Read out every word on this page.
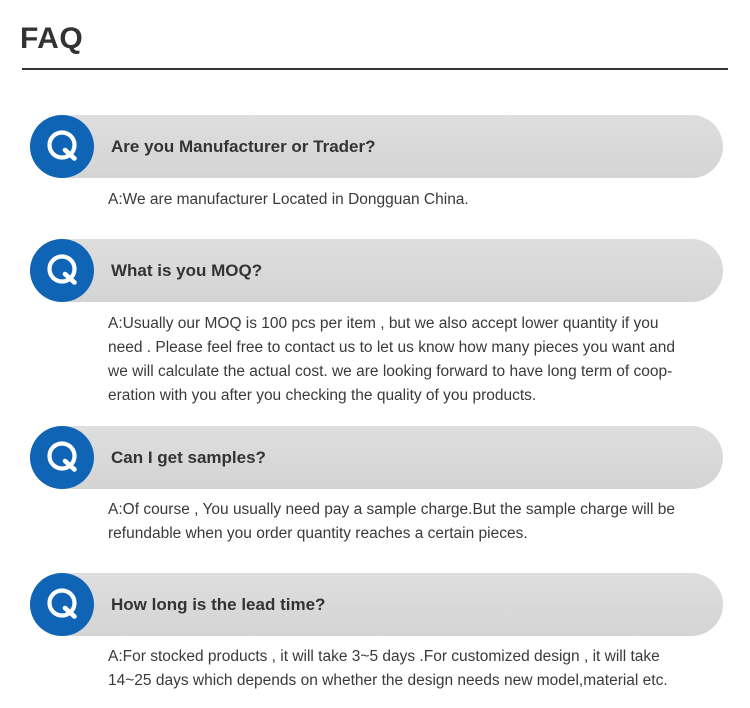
FAQ
Are you Manufacturer or Trader?
A:We are manufacturer Located in Dongguan China.
What is you MOQ?
A:Usually our MOQ is 100 pcs per item , but we also accept lower quantity if you
need . Please feel free to contact us to let us know how many pieces you want and
we will calculate the actual cost. we are looking forward to have long term of coop-
eration with you after you checking the quality of you products.
Can I get samples?
A:Of course , You usually need pay a sample charge.But the sample charge will be
refundable when you order quantity reaches a certain pieces.
How long is the lead time?
A:For stocked products , it will take 3~5 days .For customized design , it will take
14~25 days which depends on whether the design needs new model,material etc.
